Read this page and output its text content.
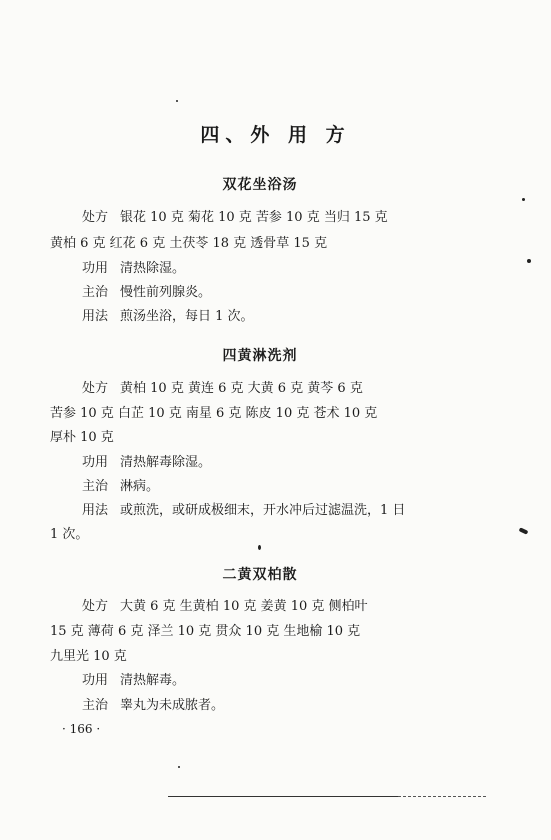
四、外 用 方
双花坐浴汤
处方 银花 10 克 菊花 10 克 苦参 10 克 当归 15 克
黄柏 6 克 红花 6 克 土茯苓 18 克 透骨草 15 克
功用 清热除湿。
主治 慢性前列腺炎。
用法 煎汤坐浴，每日 1 次。
四黄淋洗剂
处方 黄柏 10 克 黄连 6 克 大黄 6 克 黄芩 6 克
苦参 10 克 白芷 10 克 南星 6 克 陈皮 10 克 苍术 10 克
厚朴 10 克
功用 清热解毒除湿。
主治 淋病。
用法 或煎洗，或研成极细末，开水冲后过滤温洗，1 日
1 次。
二黄双柏散
处方 大黄 6 克 生黄柏 10 克 姜黄 10 克 侧柏叶
15 克 薄荷 6 克 泽兰 10 克 贯众 10 克 生地榆 10 克
九里光 10 克
功用 清热解毒。
主治 睾丸为未成脓者。
· 166 ·
